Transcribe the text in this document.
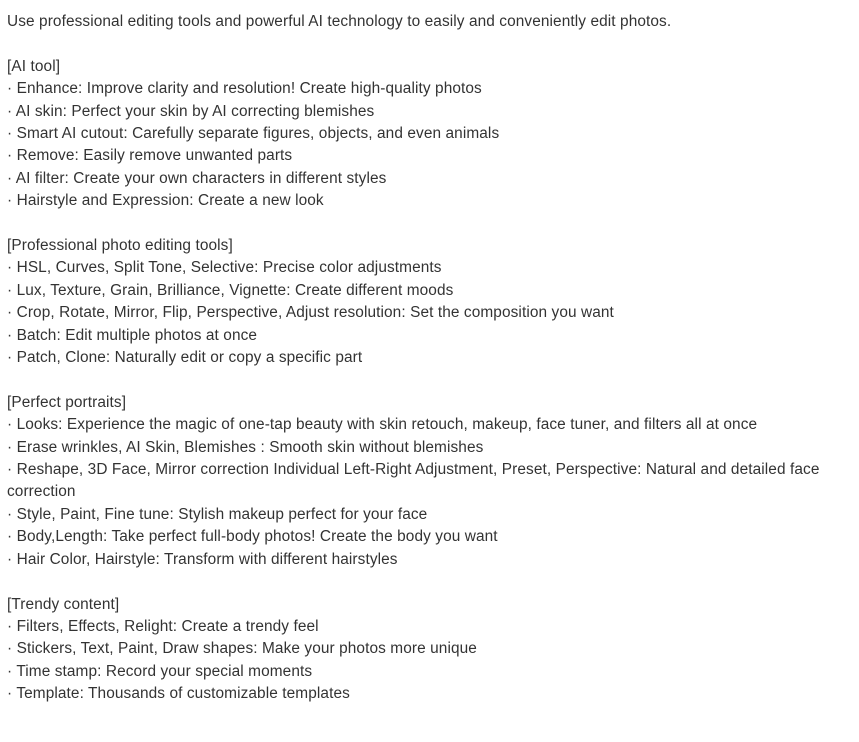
Use professional editing tools and powerful AI technology to easily and conveniently edit photos.

[AI tool]

· Enhance: Improve clarity and resolution! Create high-quality photos

· AI skin: Perfect your skin by AI correcting blemishes

· Smart AI cutout: Carefully separate figures, objects, and even animals

· Remove: Easily remove unwanted parts

· AI filter: Create your own characters in different styles

· Hairstyle and Expression: Create a new look

[Professional photo editing tools]

· HSL, Curves, Split Tone, Selective: Precise color adjustments

· Lux, Texture, Grain, Brilliance, Vignette: Create different moods

· Crop, Rotate, Mirror, Flip, Perspective, Adjust resolution: Set the composition you want

· Batch: Edit multiple photos at once

· Patch, Clone: Naturally edit or copy a specific part

[Perfect portraits]

· Looks: Experience the magic of one-tap beauty with skin retouch, makeup, face tuner, and filters all at once

· Erase wrinkles, AI Skin, Blemishes : Smooth skin without blemishes

· Reshape, 3D Face, Mirror correction Individual Left-Right Adjustment, Preset, Perspective: Natural and detailed face correction

· Style, Paint, Fine tune: Stylish makeup perfect for your face

· Body,Length: Take perfect full-body photos! Create the body you want

· Hair Color, Hairstyle: Transform with different hairstyles

[Trendy content]

· Filters, Effects, Relight: Create a trendy feel

· Stickers, Text, Paint, Draw shapes: Make your photos more unique

· Time stamp: Record your special moments

· Template: Thousands of customizable templates
